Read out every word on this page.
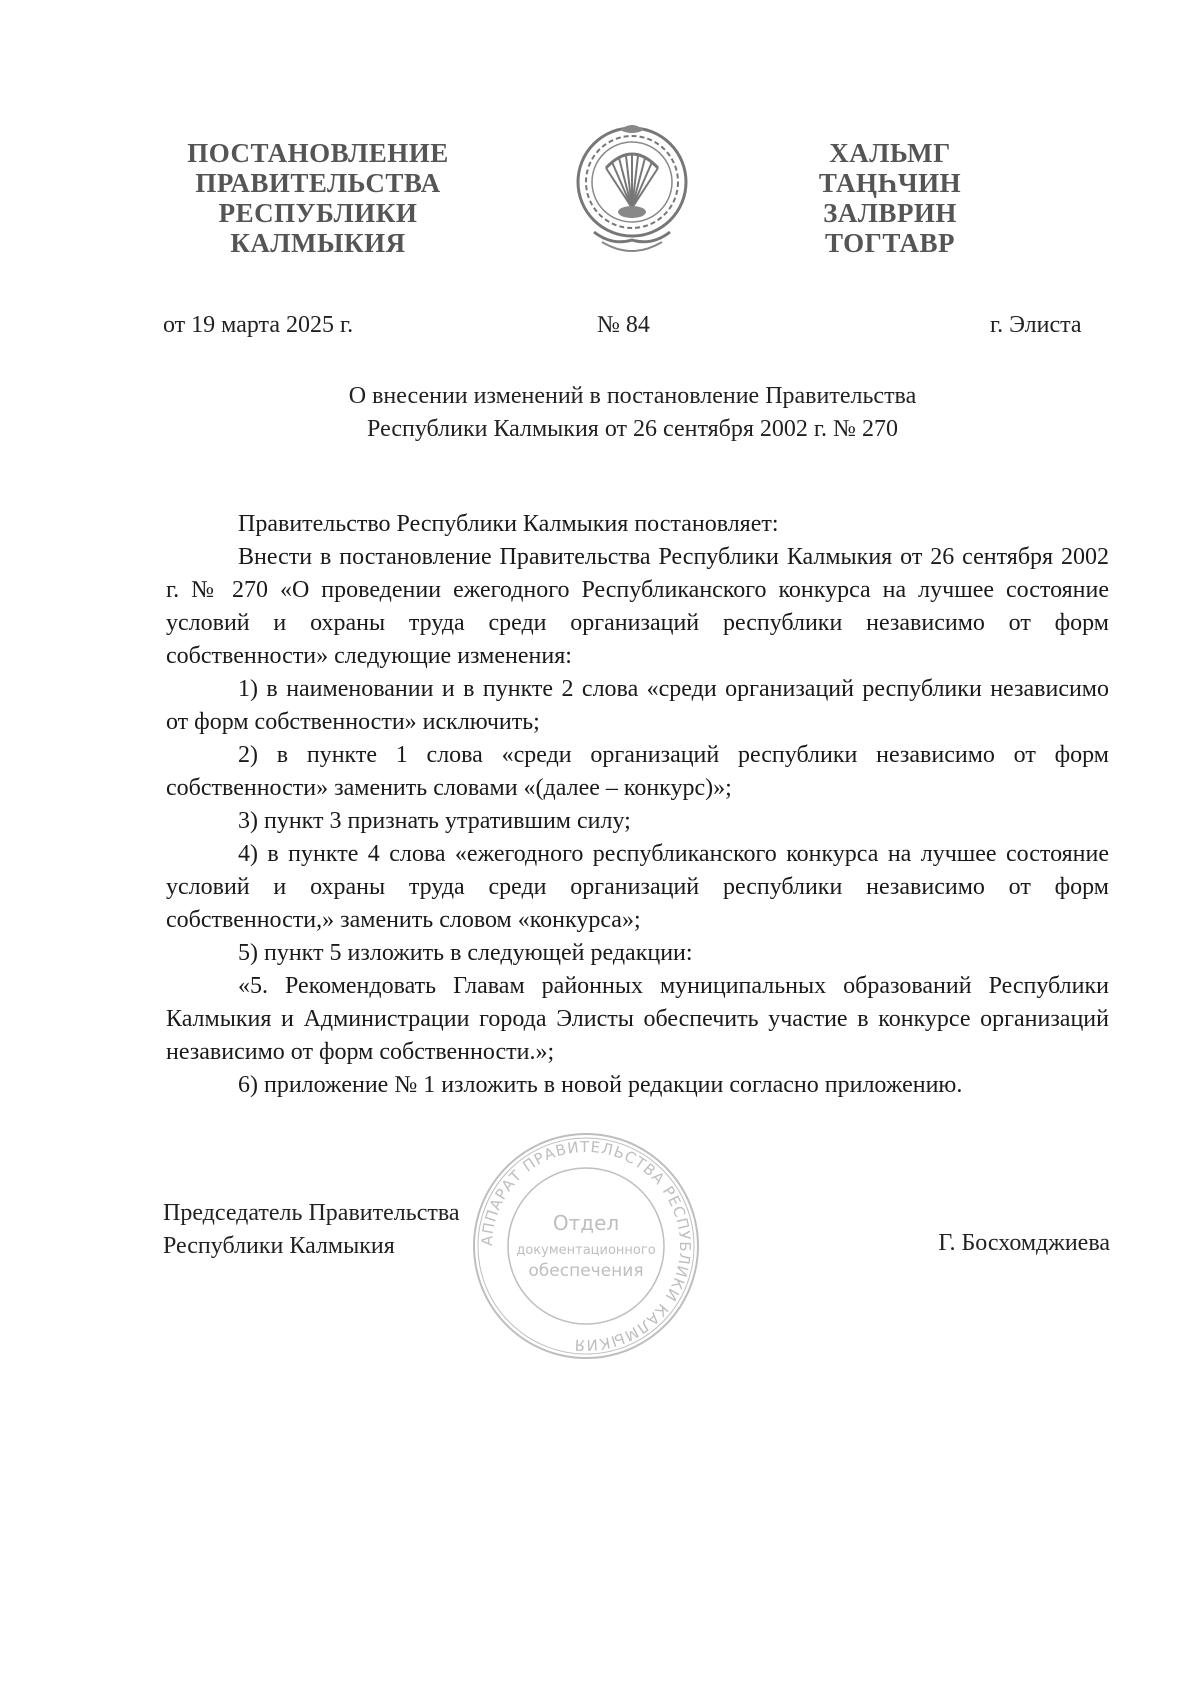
ПОСТАНОВЛЕНИЕ
ПРАВИТЕЛЬСТВА
РЕСПУБЛИКИ
КАЛМЫКИЯ
ХАЛЬМГ
ТАҢҺЧИН
ЗАЛВРИН
ТОГТАВР
от 19 марта 2025 г.	№ 84	г. Элиста
О внесении изменений в постановление Правительства
Республики Калмыкия от 26 сентября 2002 г. № 270

Правительство Республики Калмыкия постановляет:

Внести в постановление Правительства Республики Калмыкия от 26 сентября 2002 г. № 270 «О проведении ежегодного Республиканского конкурса на лучшее состояние условий и охраны труда среди организаций республики независимо от форм собственности» следующие изменения:

1) в наименовании и в пункте 2 слова «среди организаций республики независимо от форм собственности» исключить;

2) в пункте 1 слова «среди организаций республики независимо от форм собственности» заменить словами «(далее – конкурс)»;

3) пункт 3 признать утратившим силу;

4) в пункте 4 слова «ежегодного республиканского конкурса на лучшее состояние условий и охраны труда среди организаций республики независимо от форм собственности,» заменить словом «конкурса»;

5) пункт 5 изложить в следующей редакции:

«5. Рекомендовать Главам районных муниципальных образований Республики Калмыкия и Администрации города Элисты обеспечить участие в конкурсе организаций независимо от форм собственности.»;

6) приложение № 1 изложить в новой редакции согласно приложению.

АППАРАТ ПРАВИТЕЛЬСТВА РЕСПУБЛИКИ КАЛМЫКИЯ
Отдел
документационного
обеспечения
Председатель Правительства
Республики Калмыкия	Г. Босхомджиева
